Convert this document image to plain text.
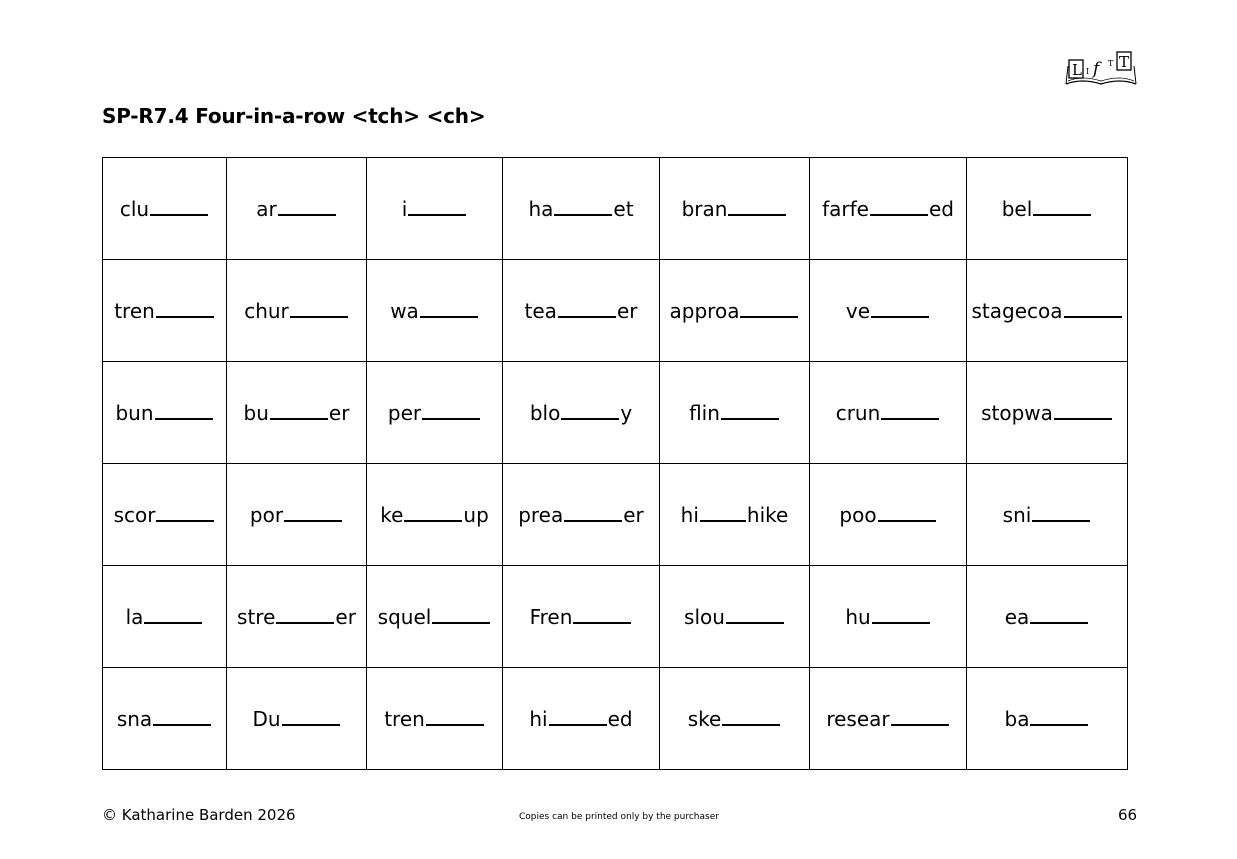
L I f	T T
SP-R7.4 Four-in-a-row <tch> <ch>
clu	ar	i	ha et	bran	farfe ed	bel
tren	chur	wa	tea er	approa	ve	stagecoa
bun	bu er	per	blo y	flin	crun	stopwa
scor	por	ke up	prea er	hi hike	poo	sni
la	stre er	squel	Fren	slou	hu	ea
sna	Du	tren	hi ed	ske	resear	ba
© Katharine Barden 2026	Copies can be printed only by the purchaser	66
